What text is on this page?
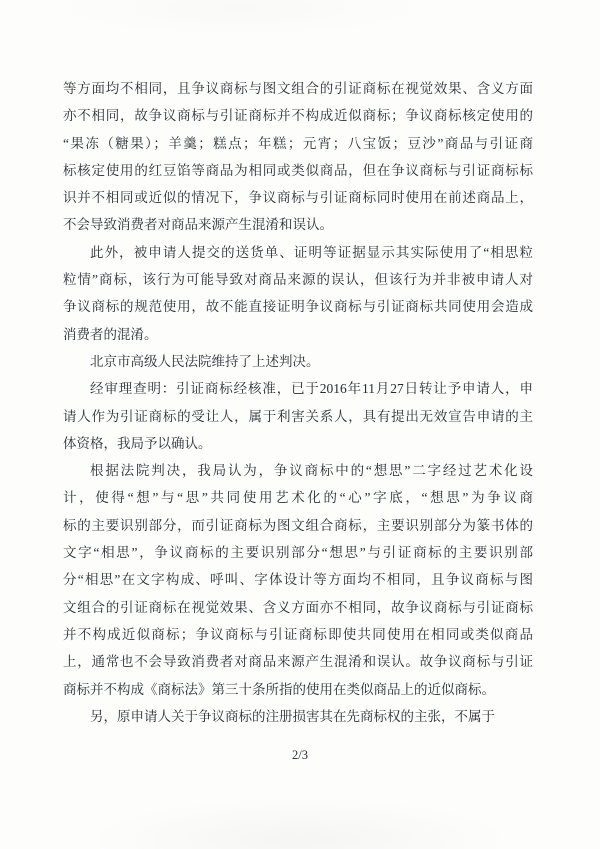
等方面均不相同，且争议商标与图文组合的引证商标在视觉效果、含义方面
亦不相同，故争议商标与引证商标并不构成近似商标；争议商标核定使用的
“果冻（糖果）；羊羹；糕点；年糕；元宵；八宝饭；豆沙”商品与引证商
标核定使用的红豆馅等商品为相同或类似商品，但在争议商标与引证商标标
识并不相同或近似的情况下，争议商标与引证商标同时使用在前述商品上，
不会导致消费者对商品来源产生混淆和误认。
此外，被申请人提交的送货单、证明等证据显示其实际使用了“相思粒
粒情”商标，该行为可能导致对商品来源的误认，但该行为并非被申请人对
争议商标的规范使用，故不能直接证明争议商标与引证商标共同使用会造成
消费者的混淆。
北京市高级人民法院维持了上述判决。
经审理查明：引证商标经核准，已于2016年11月27日转让予申请人，申
请人作为引证商标的受让人，属于利害关系人，具有提出无效宣告申请的主
体资格，我局予以确认。
根据法院判决，我局认为，争议商标中的“想思”二字经过艺术化设
计，使得“想”与“思”共同使用艺术化的“心”字底，“想思”为争议商
标的主要识别部分，而引证商标为图文组合商标，主要识别部分为篆书体的
文字“相思”，争议商标的主要识别部分“想思”与引证商标的主要识别部
分“相思”在文字构成、呼叫、字体设计等方面均不相同，且争议商标与图
文组合的引证商标在视觉效果、含义方面亦不相同，故争议商标与引证商标
并不构成近似商标；争议商标与引证商标即使共同使用在相同或类似商品
上，通常也不会导致消费者对商品来源产生混淆和误认。故争议商标与引证
商标并不构成《商标法》第三十条所指的使用在类似商品上的近似商标。
另，原申请人关于争议商标的注册损害其在先商标权的主张，不属于
2/3
